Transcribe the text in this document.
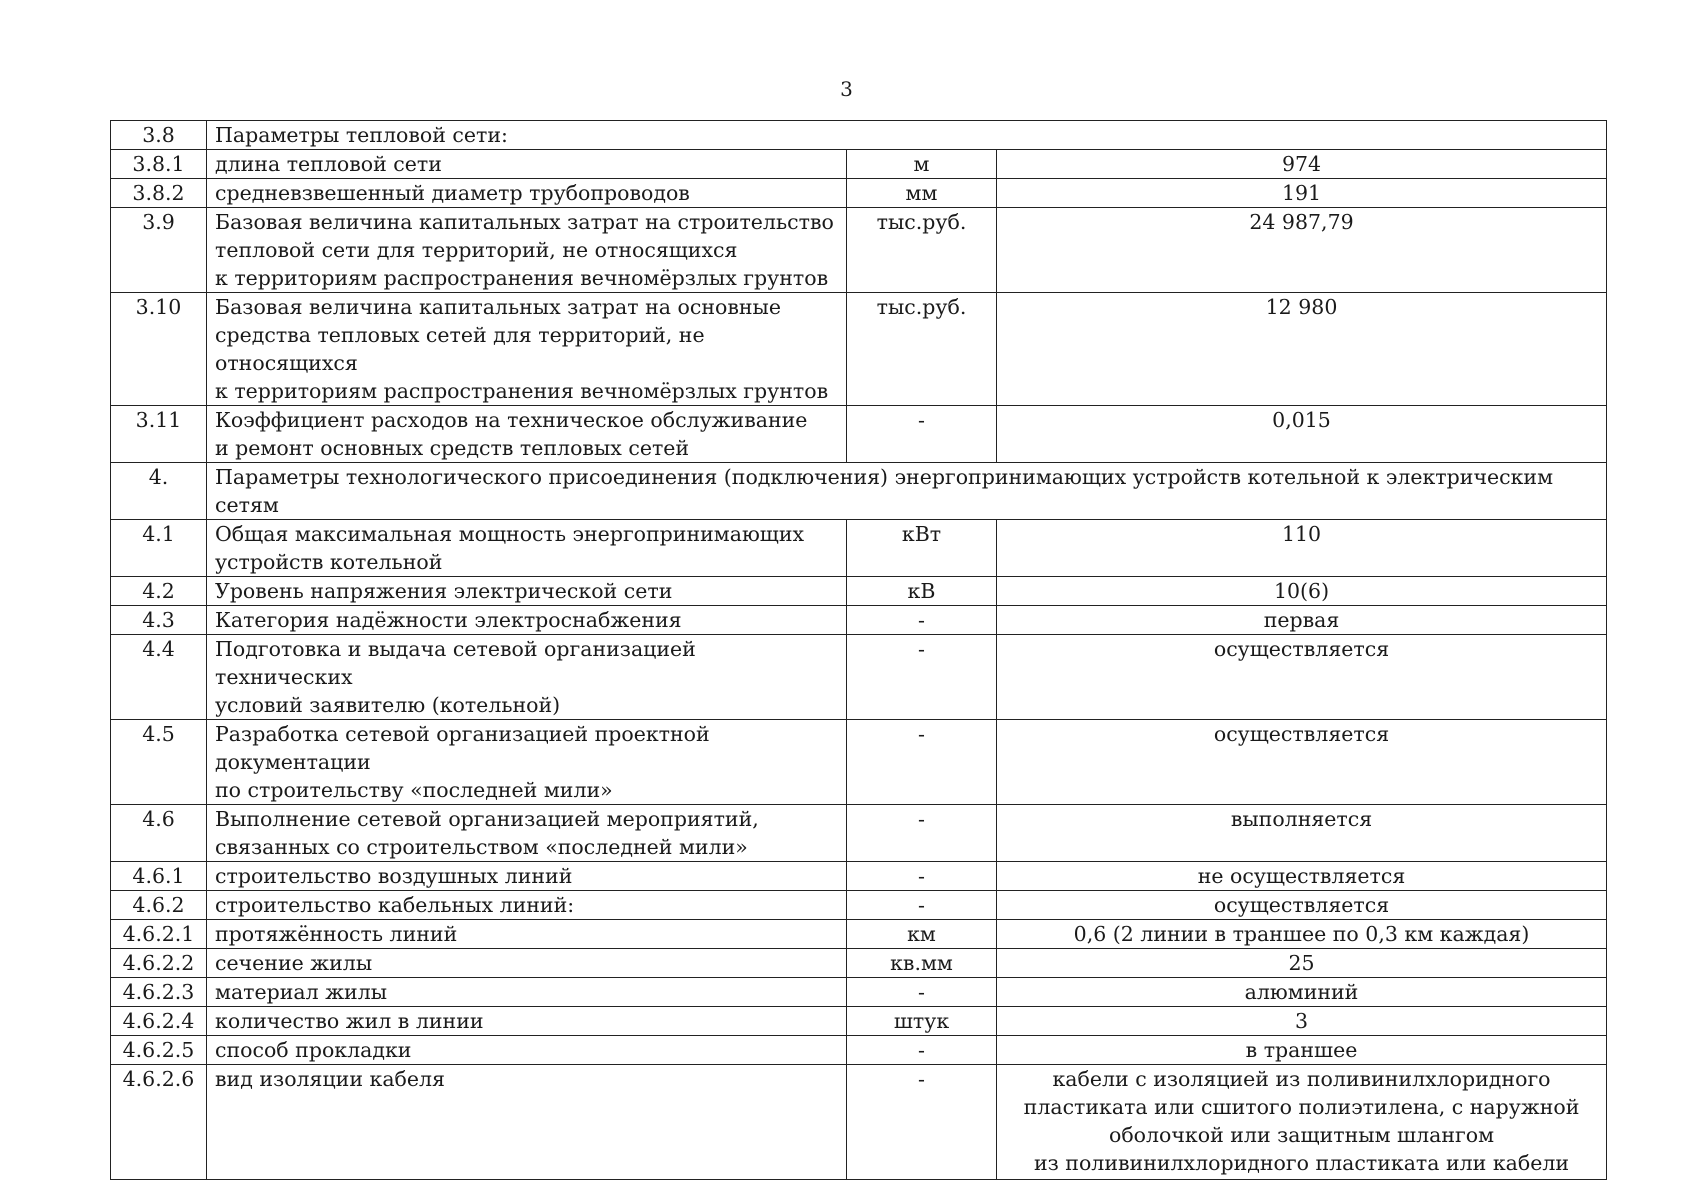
3
3.8	Параметры тепловой сети:		
3.8.1	длина тепловой сети	м	974
3.8.2	средневзвешенный диаметр трубопроводов	мм	191
3.9	Базовая величина капитальных затрат на строительство
тепловой сети для территорий, не относящихся
к территориям распространения вечномёрзлых грунтов	тыс.руб.	24 987,79
3.10	Базовая величина капитальных затрат на основные
средства тепловых сетей для территорий, не относящихся
к территориям распространения вечномёрзлых грунтов	тыс.руб.	12 980
3.11	Коэффициент расходов на техническое обслуживание
и ремонт основных средств тепловых сетей	-	0,015
4.	Параметры технологического присоединения (подключения) энергопринимающих устройств котельной к электрическим сетям		
4.1	Общая максимальная мощность энергопринимающих
устройств котельной	кВт	110
4.2	Уровень напряжения электрической сети	кВ	10(6)
4.3	Категория надёжности электроснабжения	-	первая
4.4	Подготовка и выдача сетевой организацией технических
условий заявителю (котельной)	-	осуществляется
4.5	Разработка сетевой организацией проектной документации
по строительству «последней мили»	-	осуществляется
4.6	Выполнение сетевой организацией мероприятий,
связанных со строительством «последней мили»	-	выполняется
4.6.1	строительство воздушных линий	-	не осуществляется
4.6.2	строительство кабельных линий:	-	осуществляется
4.6.2.1	протяжённость линий	км	0,6 (2 линии в траншее по 0,3 км каждая)
4.6.2.2	сечение жилы	кв.мм	25
4.6.2.3	материал жилы	-	алюминий
4.6.2.4	количество жил в линии	штук	3
4.6.2.5	способ прокладки	-	в траншее
4.6.2.6	вид изоляции кабеля	-	кабели с изоляцией из поливинилхлоридного
пластиката или сшитого полиэтилена, с наружной
оболочкой или защитным шлангом
из поливинилхлоридного пластиката или кабели
